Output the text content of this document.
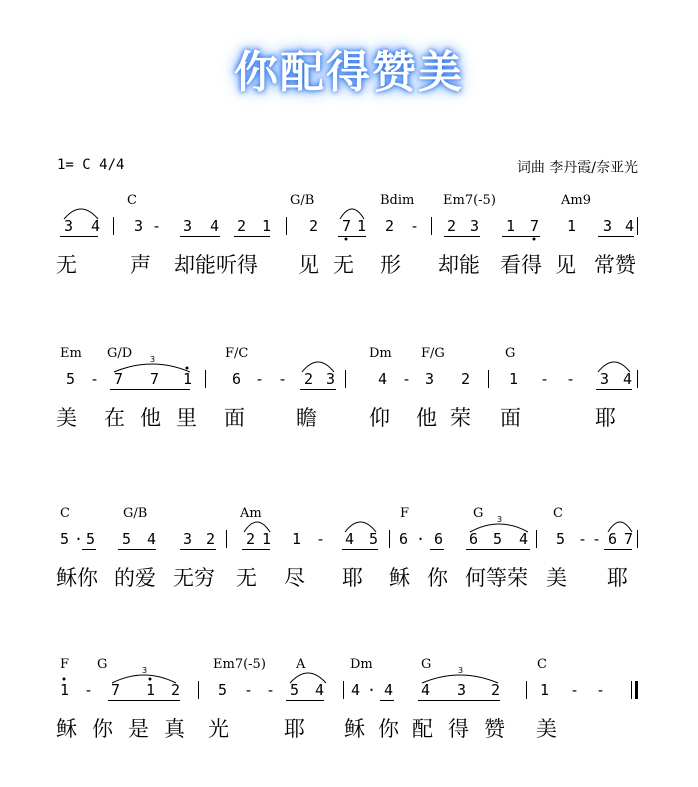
你配得赞美
1= C 4/4	词曲 李丹霞/奈亚光
C	G/B	Bdim Em7(-5)	Am9
3 4 3 - 3 4 2 1	2 7 1 2 - 2 3 1 7 1 3 4
无	声 却能听得 见 无 形 却能 看得 见 常赞
Em G/D	F/C	Dm F/G	G
5 - 7 7 1	6 - - 2 3	4 - 3 2	1 - - 3 4
美 在 他 里 面 瞻 仰 他 荣 面	耶
C	G/B	Am	F	G	C
5 · 5 5 4 3 2 2 1 1 - 4 5 6 · 6 6 5 4 5 - - 6 7
稣你 的爱 无穷 无 尽 耶 稣 你 何等荣 美 耶
F G	Em7(-5) A	Dm	G	C
1 - 7 1 2	5 - - 5 4 4 · 4 4 3 2	1 - -
稣 你 是 真 光	耶 稣 你 配 得 赞 美
3
3
3	3
